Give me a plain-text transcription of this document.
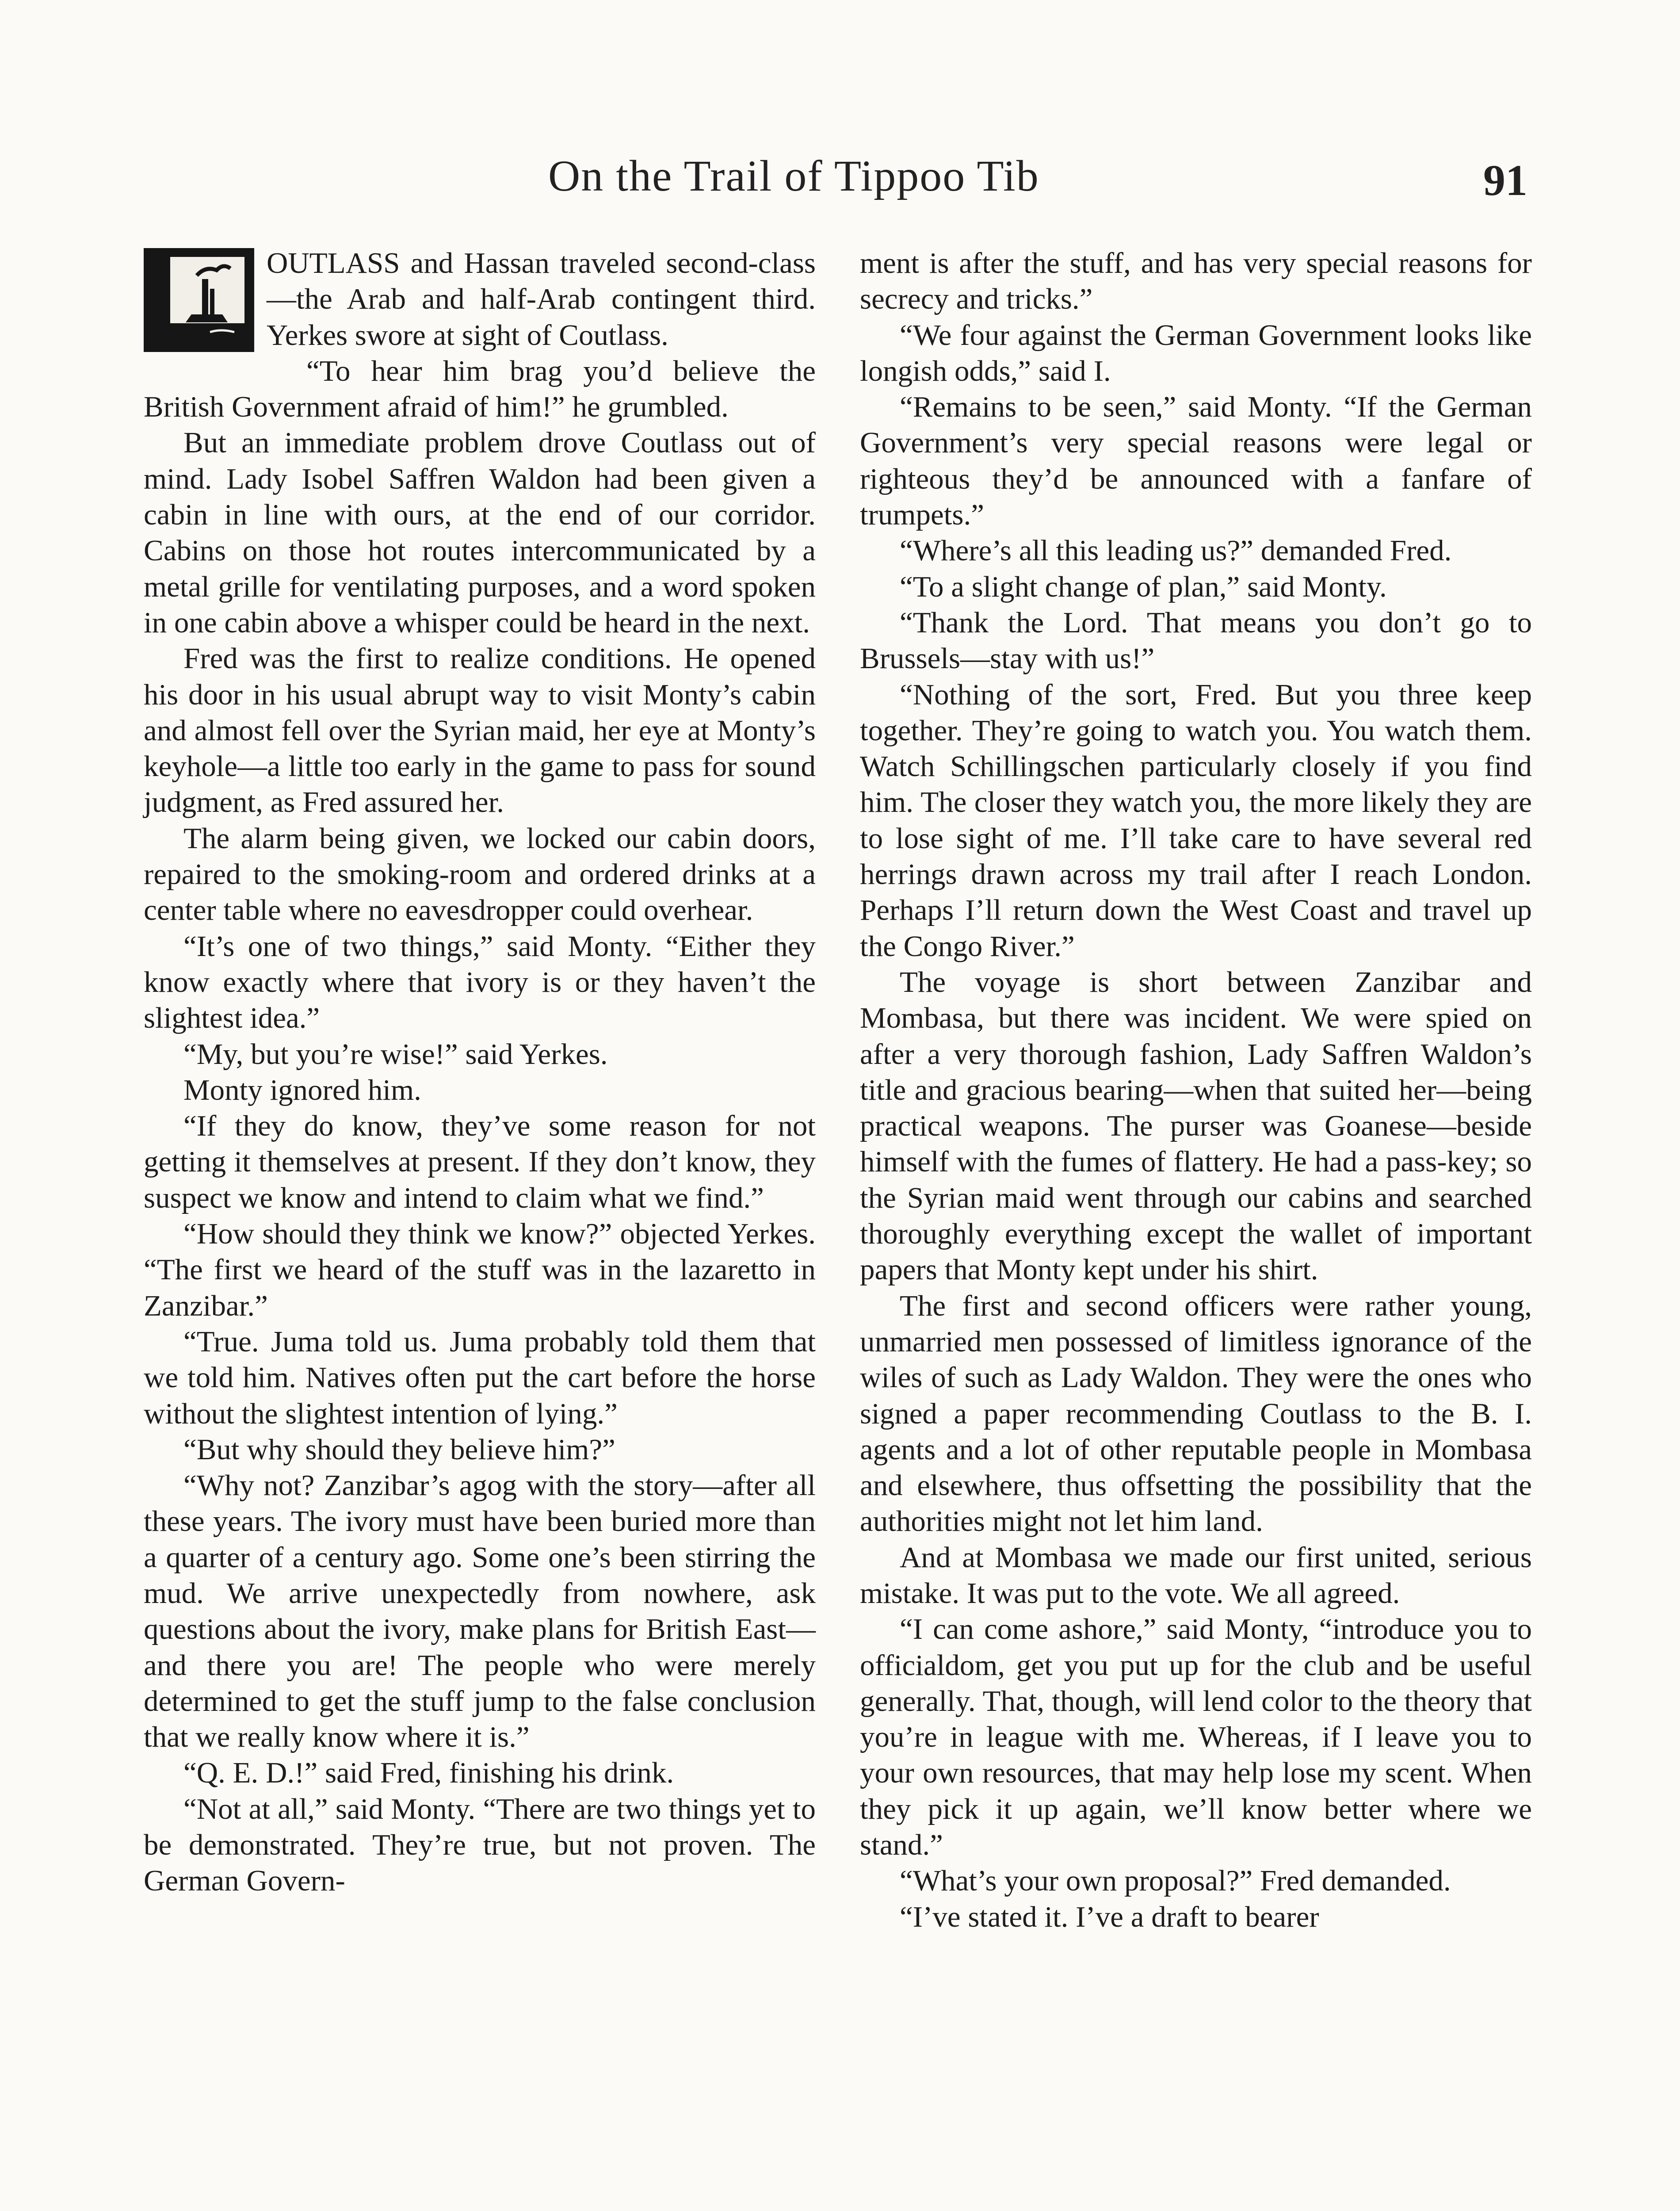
On the Trail of Tippoo Tib	91

OUTLASS and Hassan traveled second-class—the Arab and half-Arab contingent third. Yerkes swore at sight of Coutlass.

“To hear him brag you’d believe the British Government afraid of him!” he grumbled.

But an immediate problem drove Coutlass out of mind. Lady Isobel Saffren Waldon had been given a cabin in line with ours, at the end of our corridor. Cabins on those hot routes intercommunicated by a metal grille for ventilating purposes, and a word spoken in one cabin above a whisper could be heard in the next.

Fred was the first to realize conditions. He opened his door in his usual abrupt way to visit Monty’s cabin and almost fell over the Syrian maid, her eye at Monty’s keyhole—a little too early in the game to pass for sound judgment, as Fred assured her.

The alarm being given, we locked our cabin doors, repaired to the smoking-room and ordered drinks at a center table where no eavesdropper could overhear.

“It’s one of two things,” said Monty. “Either they know exactly where that ivory is or they haven’t the slightest idea.”

“My, but you’re wise!” said Yerkes.

Monty ignored him.

“If they do know, they’ve some reason for not getting it themselves at present. If they don’t know, they suspect we know and intend to claim what we find.”

“How should they think we know?” objected Yerkes. “The first we heard of the stuff was in the lazaretto in Zanzibar.”

“True. Juma told us. Juma probably told them that we told him. Natives often put the cart before the horse without the slightest intention of lying.”

“But why should they believe him?”

“Why not? Zanzibar’s agog with the story—after all these years. The ivory must have been buried more than a quarter of a century ago. Some one’s been stirring the mud. We arrive unexpectedly from nowhere, ask questions about the ivory, make plans for British East—and there you are! The people who were merely determined to get the stuff jump to the false conclusion that we really know where it is.”

“Q. E. D.!” said Fred, finishing his drink.

“Not at all,” said Monty. “There are two things yet to be demonstrated. They’re true, but not proven. The German Govern-

ment is after the stuff, and has very special reasons for secrecy and tricks.”

“We four against the German Government looks like longish odds,” said I.

“Remains to be seen,” said Monty. “If the German Government’s very special reasons were legal or righteous they’d be announced with a fanfare of trumpets.”

“Where’s all this leading us?” demanded Fred.

“To a slight change of plan,” said Monty.

“Thank the Lord. That means you don’t go to Brussels—stay with us!”

“Nothing of the sort, Fred. But you three keep together. They’re going to watch you. You watch them. Watch Schillingschen particularly closely if you find him. The closer they watch you, the more likely they are to lose sight of me. I’ll take care to have several red herrings drawn across my trail after I reach London. Perhaps I’ll return down the West Coast and travel up the Congo River.”

The voyage is short between Zanzibar and Mombasa, but there was incident. We were spied on after a very thorough fashion, Lady Saffren Waldon’s title and gracious bearing—when that suited her—being practical weapons. The purser was Goanese—beside himself with the fumes of flattery. He had a pass-key; so the Syrian maid went through our cabins and searched thoroughly everything except the wallet of important papers that Monty kept under his shirt.

The first and second officers were rather young, unmarried men possessed of limitless ignorance of the wiles of such as Lady Waldon. They were the ones who signed a paper recommending Coutlass to the B. I. agents and a lot of other reputable people in Mombasa and elsewhere, thus offsetting the possibility that the authorities might not let him land.

And at Mombasa we made our first united, serious mistake. It was put to the vote. We all agreed.

“I can come ashore,” said Monty, “introduce you to officialdom, get you put up for the club and be useful generally. That, though, will lend color to the theory that you’re in league with me. Whereas, if I leave you to your own resources, that may help lose my scent. When they pick it up again, we’ll know better where we stand.”

“What’s your own proposal?” Fred demanded.

“I’ve stated it. I’ve a draft to bearer
